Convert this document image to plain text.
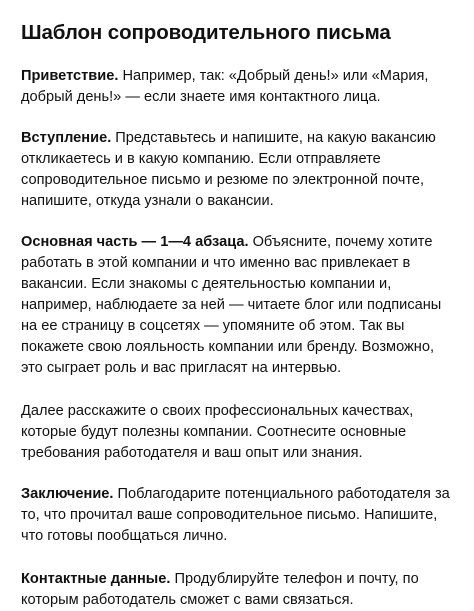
Шаблон сопроводительного письма

Приветствие. Например, так: «Добрый день!» или «Мария, добрый день!» — если знаете имя контактного лица.

Вступление. Представьтесь и напишите, на какую вакансию откликаетесь и в какую компанию. Если отправляете сопроводительное письмо и резюме по электронной почте, напишите, откуда узнали о вакансии.

Основная часть — 1—4 абзаца. Объясните, почему хотите работать в этой компании и что именно вас привлекает в вакансии. Если знакомы с деятельностью компании и, например, наблюдаете за ней — читаете блог или подписаны на ее страницу в соцсетях — упомяните об этом. Так вы покажете свою лояльность компании или бренду. Возможно, это сыграет роль и вас пригласят на интервью.

Далее расскажите о своих профессиональных качествах, которые будут полезны компании. Соотнесите основные требования работодателя и ваш опыт или знания.

Заключение. Поблагодарите потенциального работодателя за то, что прочитал ваше сопроводительное письмо. Напишите, что готовы пообщаться лично.

Контактные данные. Продублируйте телефон и почту, по которым работодатель сможет с вами связаться.
